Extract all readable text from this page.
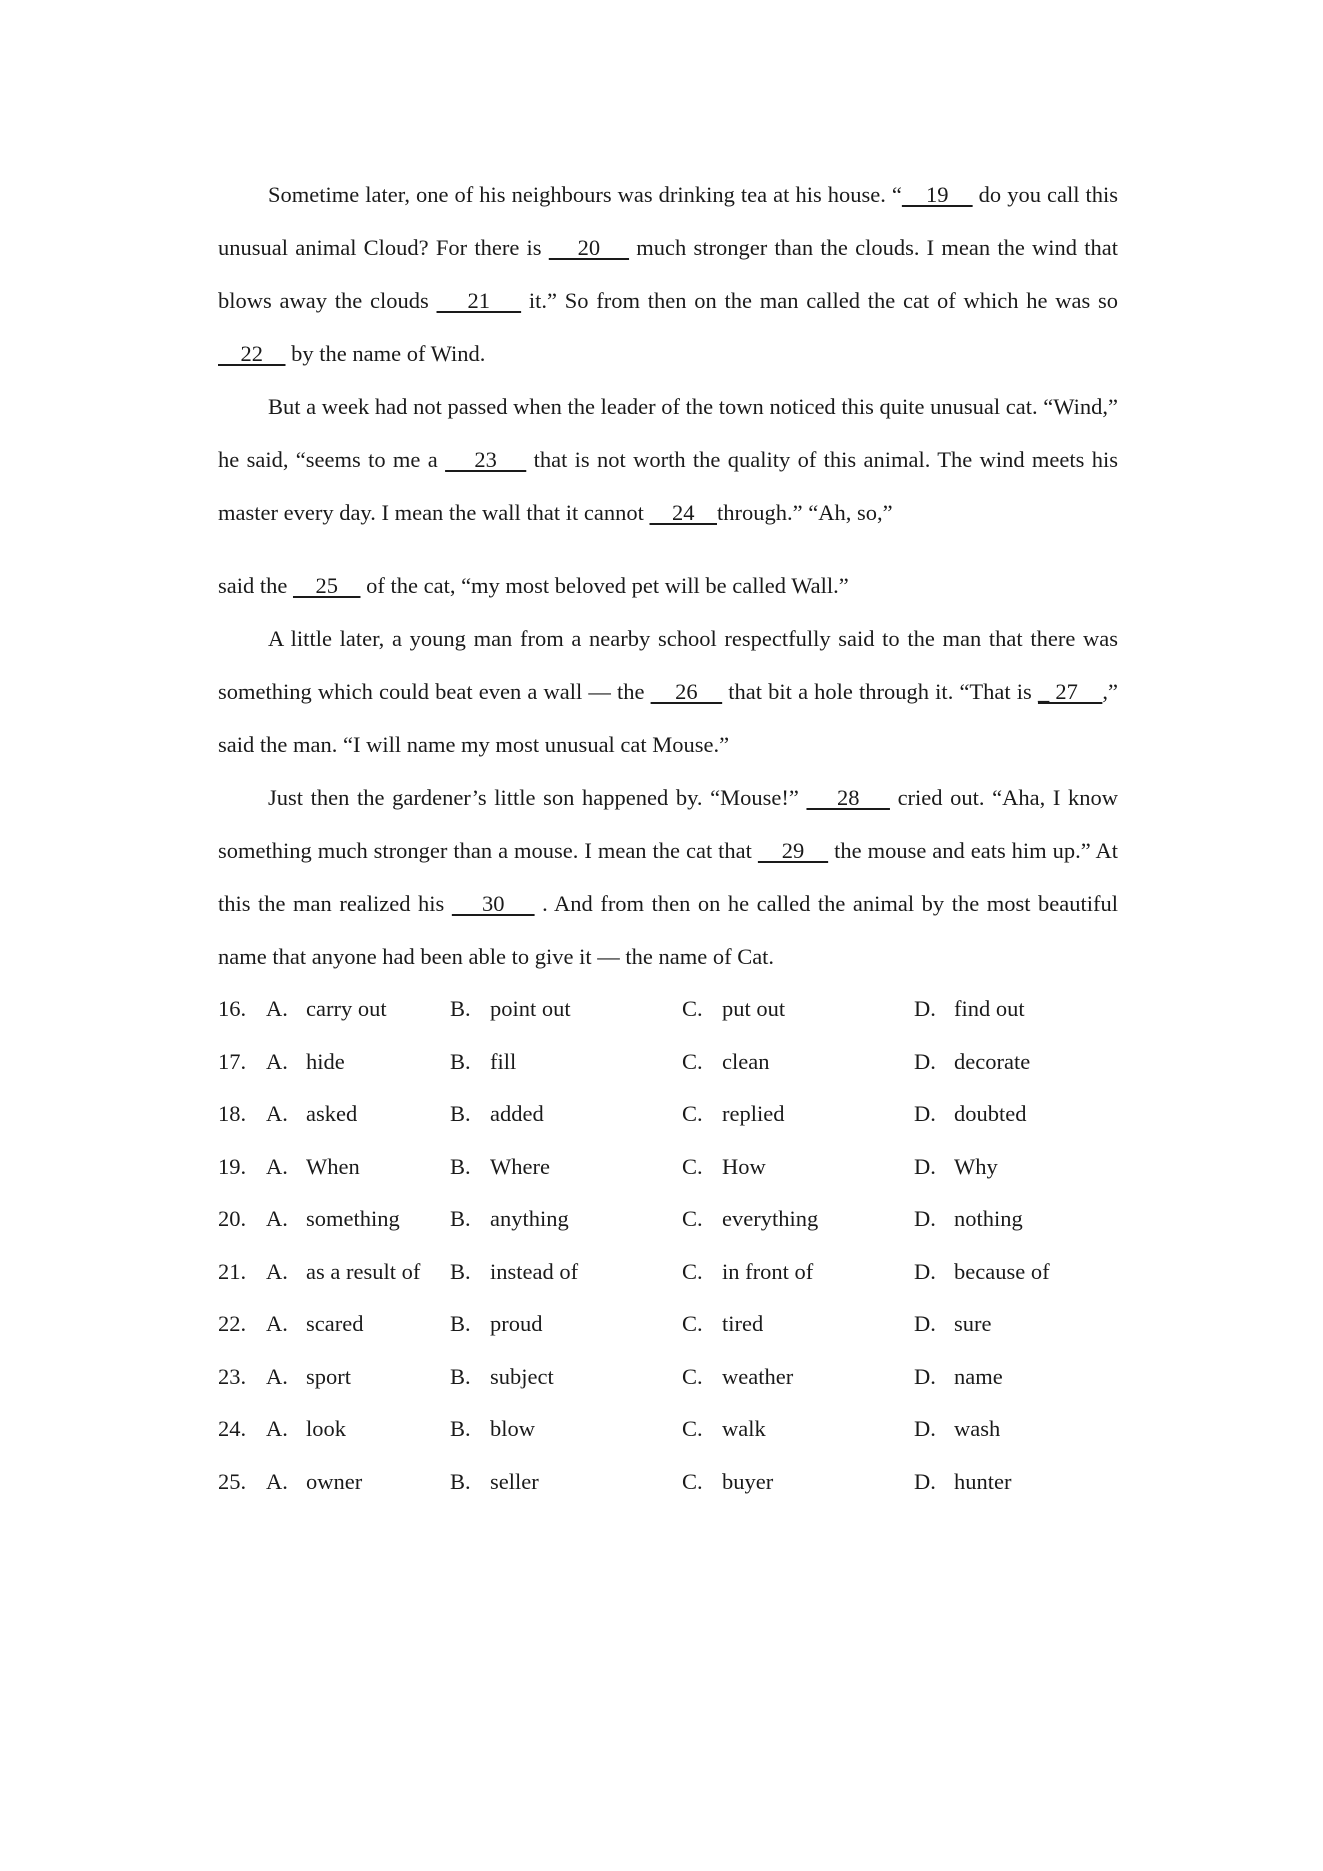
Sometime later, one of his neighbours was drinking tea at his house. “    19     do you call this unusual animal Cloud? For there is     20     much stronger than the clouds. I mean the wind that blows away the clouds     21     it.” So from then on the man called the cat of which he was so     22     by the name of Wind.

But a week had not passed when the leader of the town noticed this quite unusual cat. “Wind,” he said, “seems to me a     23     that is not worth the quality of this animal. The wind meets his master every day. I mean the wall that it cannot     24    through.” “Ah, so,”

said the     25     of the cat, “my most beloved pet will be called Wall.”

A little later, a young man from a nearby school respectfully said to the man that there was something which could beat even a wall — the     26     that bit a hole through it. “That is _ 27    ,” said the man. “I will name my most unusual cat Mouse.”

Just then the gardener’s little son happened by. “Mouse!”     28     cried out. “Aha, I know something much stronger than a mouse. I mean the cat that     29     the mouse and eats him up.” At this the man realized his     30     . And from then on he called the animal by the most beautiful name that anyone had been able to give it — the name of Cat.

16. A. carry out	B. point out	C. put out	D. find out
17. A. hide	B. fill	C. clean	D. decorate
18. A. asked	B. added	C. replied	D. doubted
19. A. When	B. Where	C. How	D. Why
20. A. something B. anything	C. everything	D. nothing
21. A. as a result of B. instead of	C. in front of	D. because of
22. A. scared	B. proud	C. tired	D. sure
23. A. sport	B. subject	C. weather	D. name
24. A. look	B. blow	C. walk	D. wash
25. A. owner	B. seller	C. buyer	D. hunter
